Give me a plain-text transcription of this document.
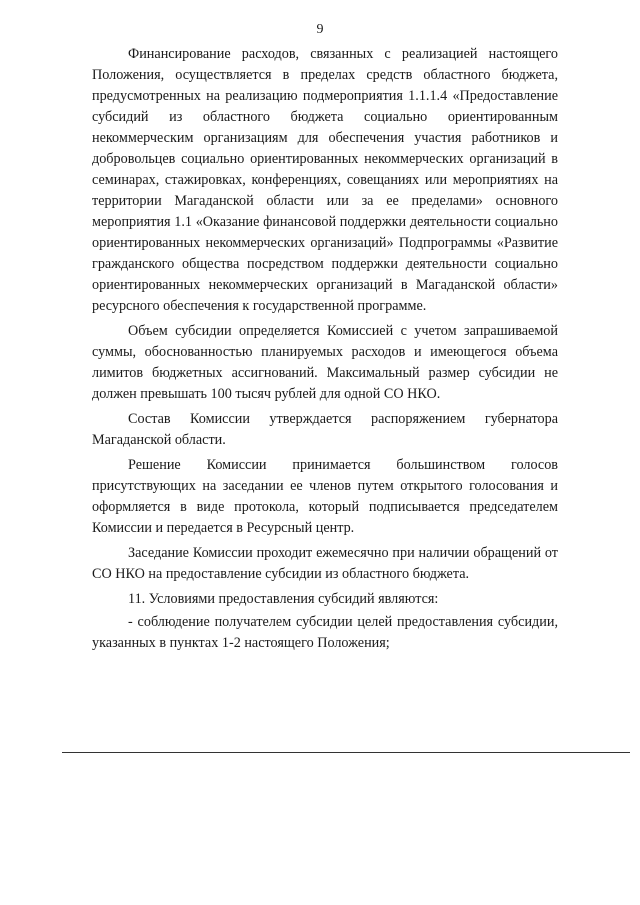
9

Финансирование расходов, связанных с реализацией настоящего Положения, осуществляется в пределах средств областного бюджета, предусмотренных на реализацию подмероприятия 1.1.1.4 «Предоставление субсидий из областного бюджета социально ориентированным некоммерческим организациям для обеспечения участия работников и добровольцев социально ориентированных некоммерческих организаций в семинарах, стажировках, конференциях, совещаниях или мероприятиях на территории Магаданской области или за ее пределами» основного мероприятия 1.1 «Оказание финансовой поддержки деятельности социально ориентированных некоммерческих организаций» Подпрограммы «Развитие гражданского общества посредством поддержки деятельности социально ориентированных некоммерческих организаций в Магаданской области» ресурсного обеспечения к государственной программе.

Объем субсидии определяется Комиссией с учетом запрашиваемой суммы, обоснованностью планируемых расходов и имеющегося объема лимитов бюджетных ассигнований. Максимальный размер субсидии не должен превышать 100 тысяч рублей для одной СО НКО.

Состав Комиссии утверждается распоряжением губернатора Магаданской области.

Решение Комиссии принимается большинством голосов присутствующих на заседании ее членов путем открытого голосования и оформляется в виде протокола, который подписывается председателем Комиссии и передается в Ресурсный центр.

Заседание Комиссии проходит ежемесячно при наличии обращений от СО НКО на предоставление субсидии из областного бюджета.

11. Условиями предоставления субсидий являются:

- соблюдение получателем субсидии целей предоставления субсидии, указанных в пунктах 1-2 настоящего Положения;
